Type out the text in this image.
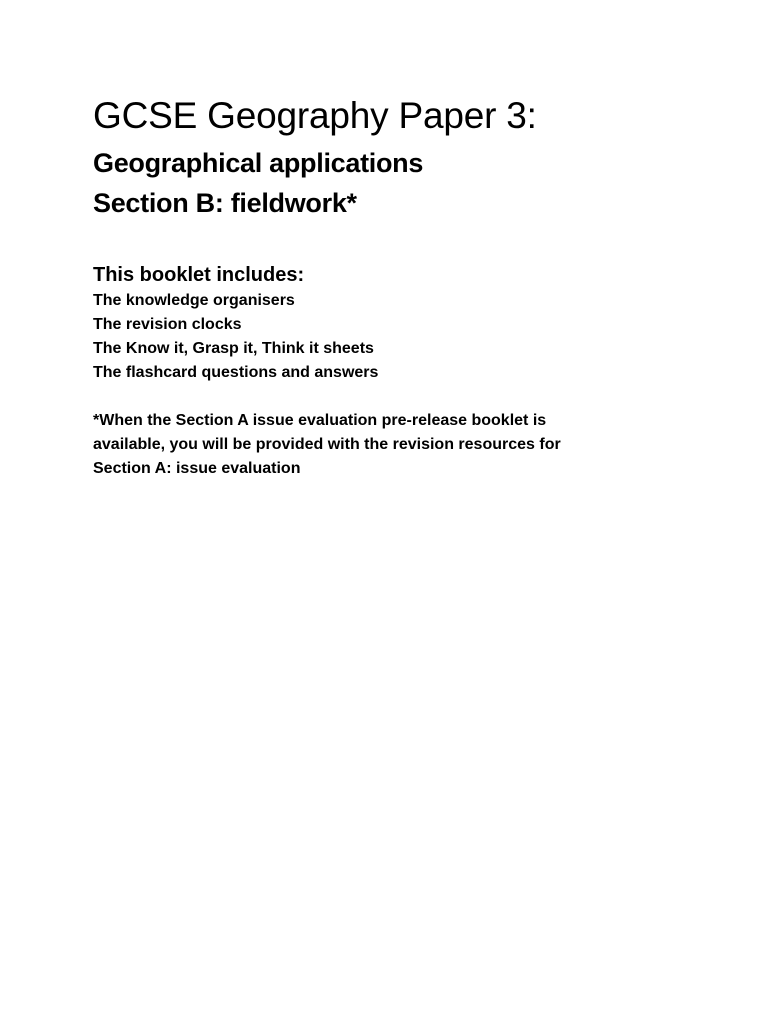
GCSE Geography Paper 3:
Geographical applications
Section B: fieldwork*
This booklet includes:
The knowledge organisers
The revision clocks
The Know it, Grasp it, Think it sheets
The flashcard questions and answers

*When the Section A issue evaluation pre-release booklet is
available, you will be provided with the revision resources for
Section A: issue evaluation
